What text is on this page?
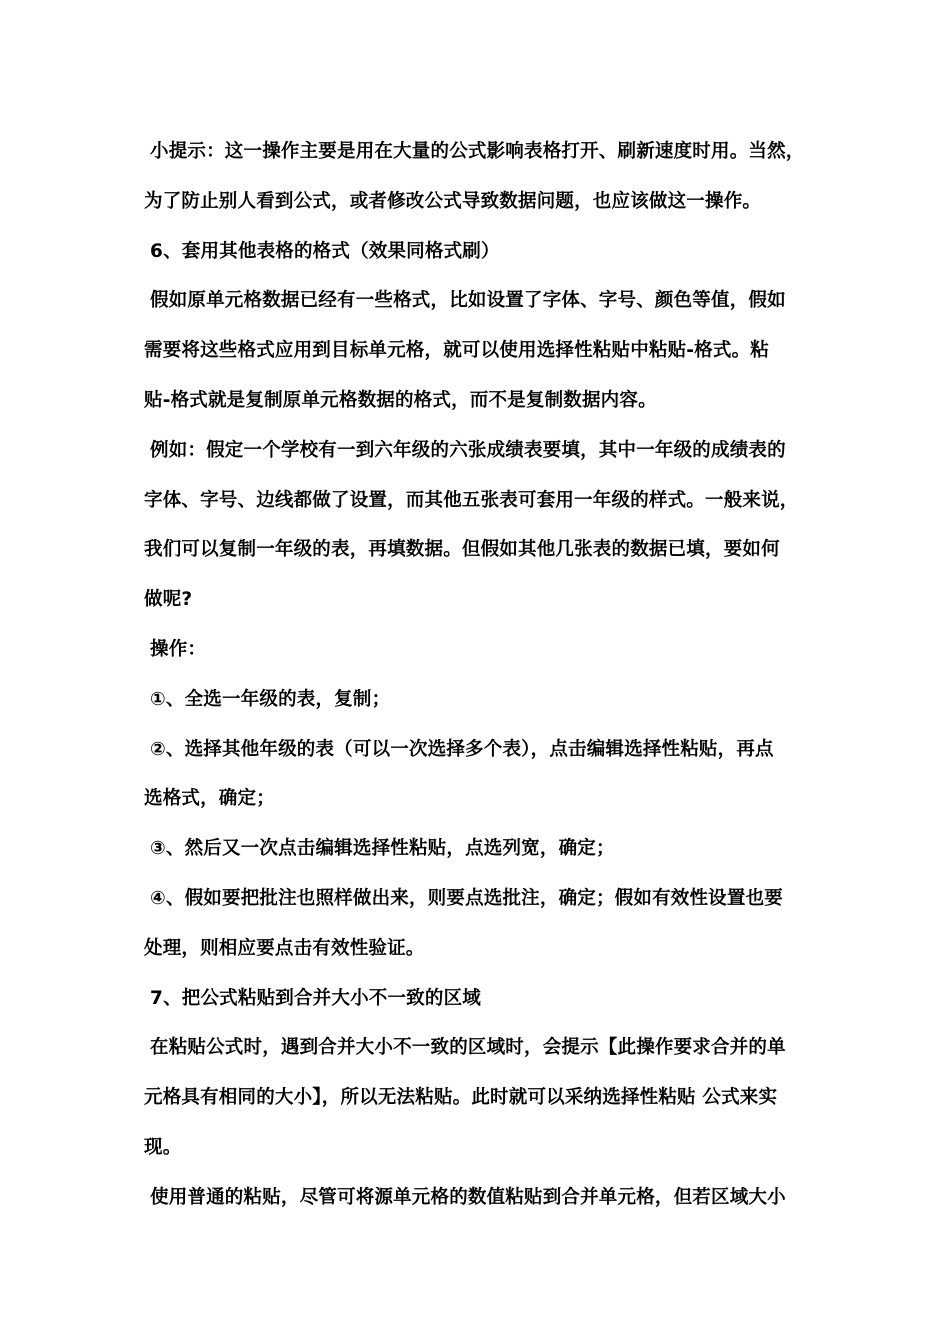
小提示：这一操作主要是用在大量的公式影响表格打开、刷新速度时用。当然，
为了防止别人看到公式，或者修改公式导致数据问题，也应该做这一操作。
6、套用其他表格的格式（效果同格式刷）
假如原单元格数据已经有一些格式，比如设置了字体、字号、颜色等值，假如
需要将这些格式应用到目标单元格，就可以使用选择性粘贴中粘贴-格式。粘
贴-格式就是复制原单元格数据的格式，而不是复制数据内容。
例如：假定一个学校有一到六年级的六张成绩表要填，其中一年级的成绩表的
字体、字号、边线都做了设置，而其他五张表可套用一年级的样式。一般来说，
我们可以复制一年级的表，再填数据。但假如其他几张表的数据已填，要如何
做呢?
操作：
①、全选一年级的表，复制；
②、选择其他年级的表（可以一次选择多个表），点击编辑选择性粘贴，再点
选格式，确定；
③、然后又一次点击编辑选择性粘贴，点选列宽，确定；
④、假如要把批注也照样做出来，则要点选批注，确定；假如有效性设置也要
处理，则相应要点击有效性验证。
7、把公式粘贴到合并大小不一致的区域
在粘贴公式时，遇到合并大小不一致的区域时，会提示【此操作要求合并的单
元格具有相同的大小】，所以无法粘贴。此时就可以采纳选择性粘贴 公式来实
现。
使用普通的粘贴，尽管可将源单元格的数值粘贴到合并单元格，但若区域大小
